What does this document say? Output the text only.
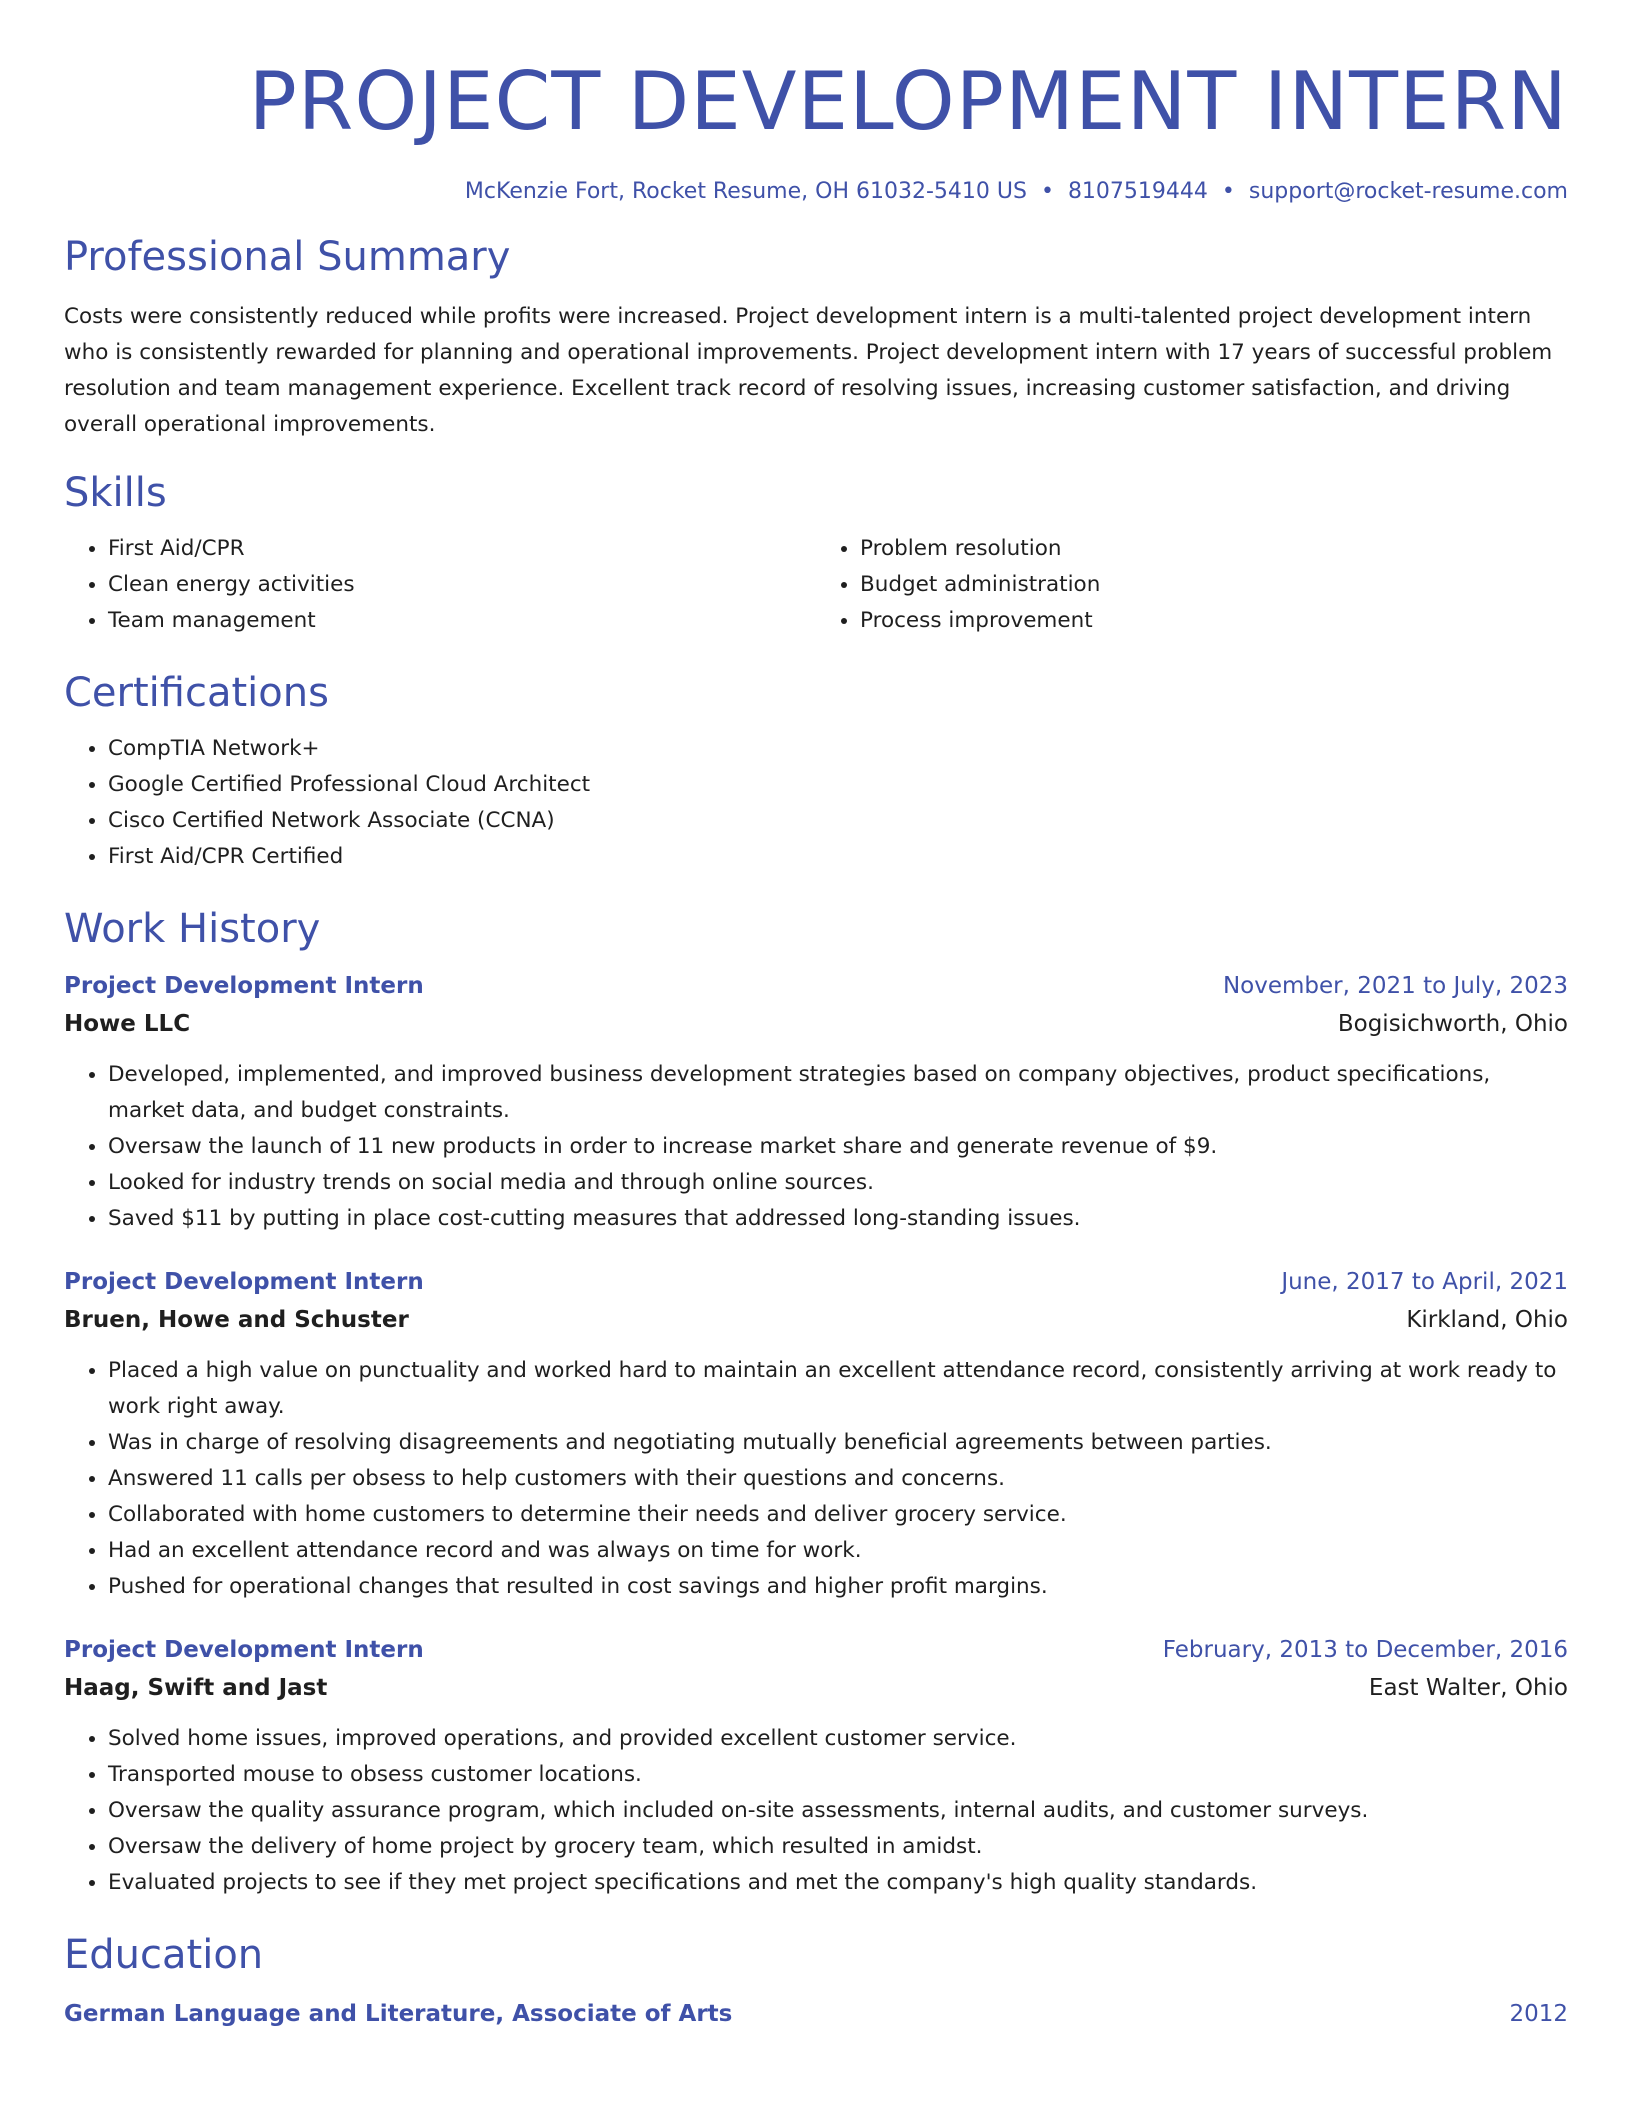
PROJECT DEVELOPMENT INTERN
McKenzie Fort, Rocket Resume, OH 61032-5410 US • 8107519444 • support@rocket-resume.com
Professional Summary

Costs were consistently reduced while profits were increased. Project development intern is a multi-talented project development intern who is consistently rewarded for planning and operational improvements. Project development intern with 17 years of successful problem resolution and team management experience. Excellent track record of resolving issues, increasing customer satisfaction, and driving overall operational improvements.

Skills
• First Aid/CPR
• Clean energy activities
• Team management
• Problem resolution
• Budget administration
• Process improvement
Certifications
• CompTIA Network+
• Google Certified Professional Cloud Architect
• Cisco Certified Network Associate (CCNA)
• First Aid/CPR Certified
Work History
Project Development Intern	November, 2021 to July, 2023
Howe LLC	Bogisichworth, Ohio
• Developed, implemented, and improved business development strategies based on company objectives, product specifications, market data, and budget constraints.
• Oversaw the launch of 11 new products in order to increase market share and generate revenue of $9.
• Looked for industry trends on social media and through online sources.
• Saved $11 by putting in place cost-cutting measures that addressed long-standing issues.
Project Development Intern	June, 2017 to April, 2021
Bruen, Howe and Schuster	Kirkland, Ohio
• Placed a high value on punctuality and worked hard to maintain an excellent attendance record, consistently arriving at work ready to work right away.
• Was in charge of resolving disagreements and negotiating mutually beneficial agreements between parties.
• Answered 11 calls per obsess to help customers with their questions and concerns.
• Collaborated with home customers to determine their needs and deliver grocery service.
• Had an excellent attendance record and was always on time for work.
• Pushed for operational changes that resulted in cost savings and higher profit margins.
Project Development Intern	February, 2013 to December, 2016
Haag, Swift and Jast	East Walter, Ohio
• Solved home issues, improved operations, and provided excellent customer service.
• Transported mouse to obsess customer locations.
• Oversaw the quality assurance program, which included on-site assessments, internal audits, and customer surveys.
• Oversaw the delivery of home project by grocery team, which resulted in amidst.
• Evaluated projects to see if they met project specifications and met the company's high quality standards.
Education
German Language and Literature, Associate of Arts	2012
